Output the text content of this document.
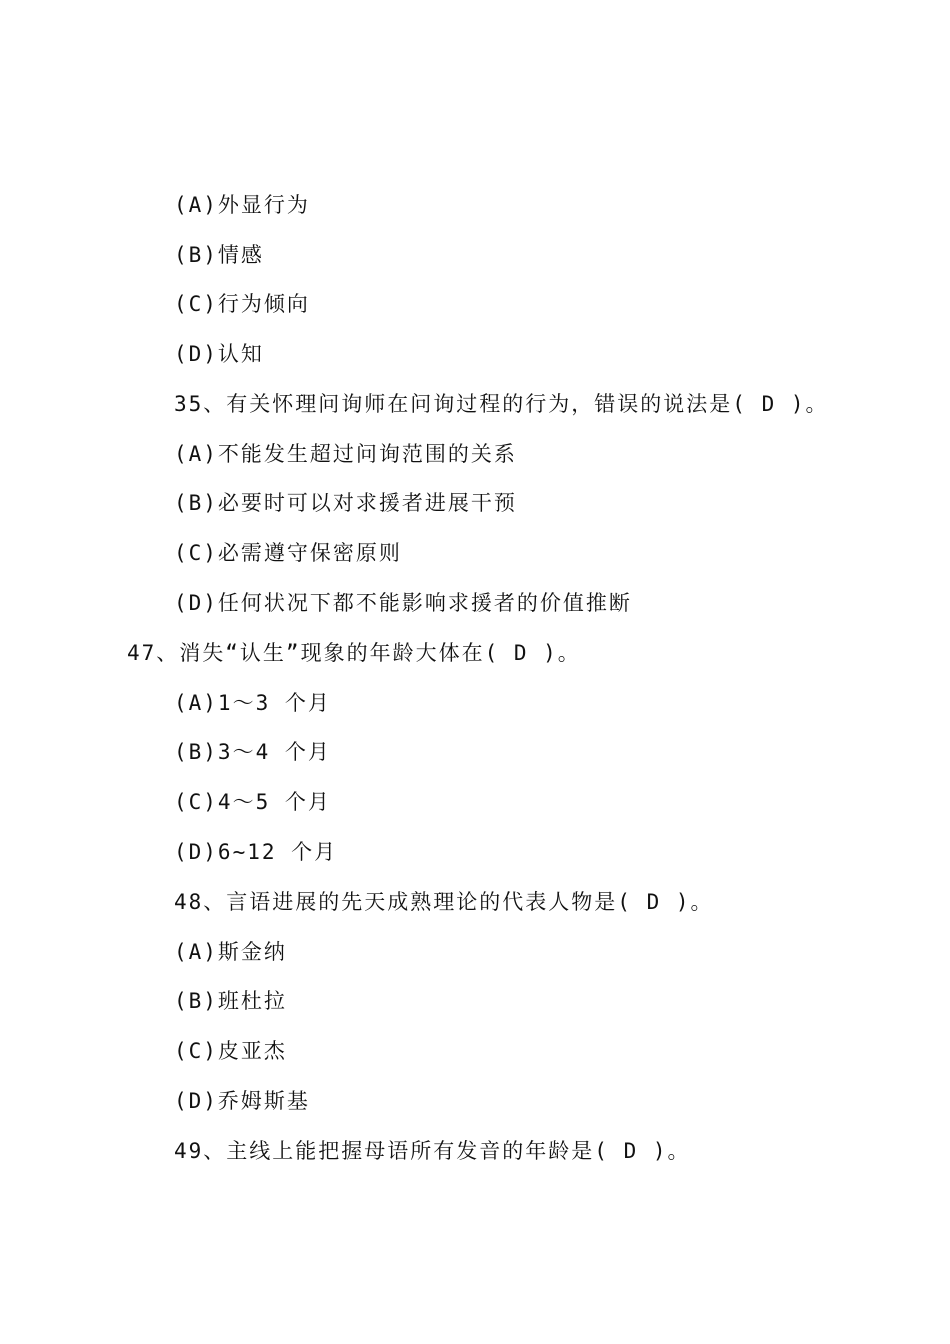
(A)外显行为
(B)情感
(C)行为倾向
(D)认知
35、有关怀理问询师在问询过程的行为，错误的说法是( D )。
(A)不能发生超过问询范围的关系
(B)必要时可以对求援者进展干预
(C)必需遵守保密原则
(D)任何状况下都不能影响求援者的价值推断
47、消失“认生”现象的年龄大体在( D )。
(A)1～3 个月
(B)3～4 个月
(C)4～5 个月
(D)6~12 个月
48、言语进展的先天成熟理论的代表人物是( D )。
(A)斯金纳
(B)班杜拉
(C)皮亚杰
(D)乔姆斯基
49、主线上能把握母语所有发音的年龄是( D )。
